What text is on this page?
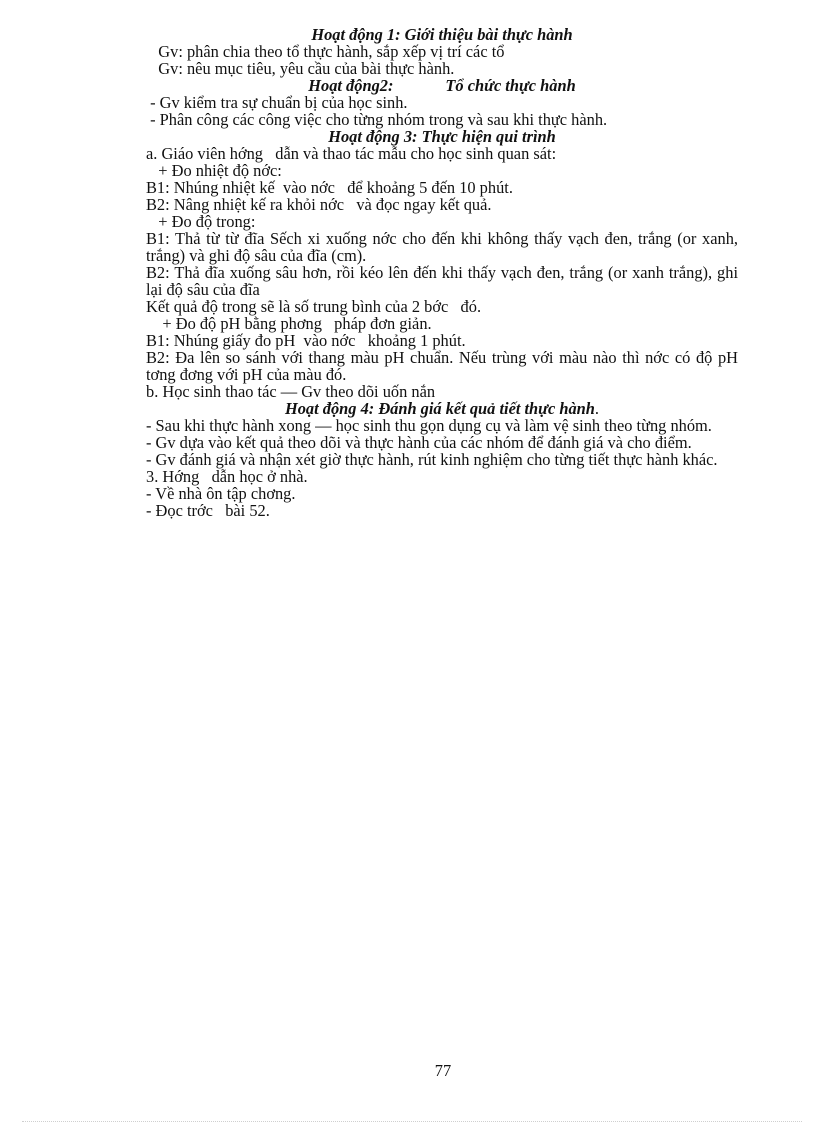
Hoạt động 1: Giới thiệu bài thực hành
Gv: phân chia theo tổ thực hành, sắp xếp vị trí các tổ
Gv: nêu mục tiêu, yêu cầu của bài thực hành.
Hoạt động2:	Tổ chức thực hành
- Gv kiểm tra sự chuẩn bị của học sinh.
- Phân công các công việc cho từng nhóm trong và sau khi thực hành.
Hoạt động 3: Thực hiện qui trình
a. Giáo viên hớng   dẫn và thao tác mẫu cho học sinh quan sát:
+ Đo nhiệt độ nớc:
B1: Nhúng nhiệt kế  vào nớc   để khoảng 5 đến 10 phút.
B2: Nâng nhiệt kế ra khỏi nớc   và đọc ngay kết quả.
+ Đo độ trong:
B1: Thả từ từ đĩa Sếch xi xuống nớc cho đến khi không thấy vạch đen, trắng (or xanh, trắng) và ghi độ sâu của đĩa (cm).
B2: Thả đĩa xuống sâu hơn, rồi kéo lên đến khi thấy vạch đen, trắng (or xanh trắng), ghi lại độ sâu của đĩa
Kết quả độ trong sẽ là số trung bình của 2 bớc   đó.
+ Đo độ pH bằng phơng   pháp đơn giản.
B1: Nhúng giấy đo pH  vào nớc   khoảng 1 phút.
B2: Đa lên so sánh với thang màu pH chuẩn. Nếu trùng với màu nào thì nớc có độ pH tơng đơng với pH của màu đó.
b. Học sinh thao tác — Gv theo dõi uốn nắn
Hoạt động 4: Đánh giá kết quả tiết thực hành.
- Sau khi thực hành xong — học sinh thu gọn dụng cụ và làm vệ sinh theo từng nhóm.
- Gv dựa vào kết quả theo dõi và thực hành của các nhóm để đánh giá và cho điểm.
- Gv đánh giá và nhận xét giờ thực hành, rút kinh nghiệm cho từng tiết thực hành khác.
3. Hớng   dẫn học ở nhà.
- Về nhà ôn tập chơng.
- Đọc trớc   bài 52.
77
